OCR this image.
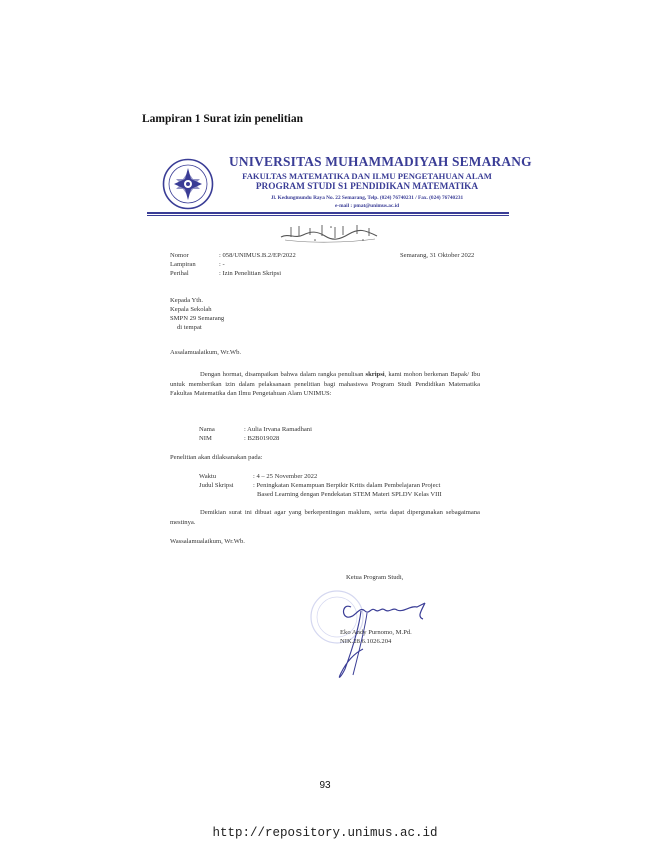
Lampiran 1 Surat izin penelitian
UNIVERSITAS MUHAMMADIYAH SEMARANG
FAKULTAS MATEMATIKA DAN ILMU PENGETAHUAN ALAM
PROGRAM STUDI S1 PENDIDIKAN MATEMATIKA
Jl. Kedungmundu Raya No. 22 Semarang, Telp. (024) 76740231 / Fax. (024) 76740231
e-mail : pmat@unimus.ac.id
Nomor	: 058/UNIMUS.B.2/EP/2022	Semarang, 31 Oktober 2022
Lampiran	: -
Perihal	: Izin Penelitian Skripsi
Kepada Yth.
Kepala Sekolah
SMPN 29 Semarang
di tempat
Assalamualaikum, Wr.Wb.
Dengan hormat, disampaikan bahwa dalam rangka penulisan skripsi, kami mohon berkenan Bapak/ Ibu untuk memberikan izin dalam pelaksanaan penelitian bagi mahasiswa Program Studi Pendidikan Matematika Fakultas Matematika dan Ilmu Pengetahuan Alam UNIMUS:
Nama	: Aulia Irvana Ramadhani
NIM	: B2B019028
Penelitian akan dilaksanakan pada:
Waktu	: 4 – 25 November 2022
Judul Skripsi	: Peningkatan Kemampuan Berpikir Kritis dalam Pembelajaran Project
Based Learning dengan Pendekatan STEM Materi SPLDV Kelas VIII
Demikian surat ini dibuat agar yang berkepentingan maklum, serta dapat dipergunakan sebagaimana mestinya.
Wassalamualaikum, Wr.Wb.
Ketua Program Studi,
Eko Andy Purnomo, M.Pd.
NIK.28.6.1026.204
93
http://repository.unimus.ac.id
